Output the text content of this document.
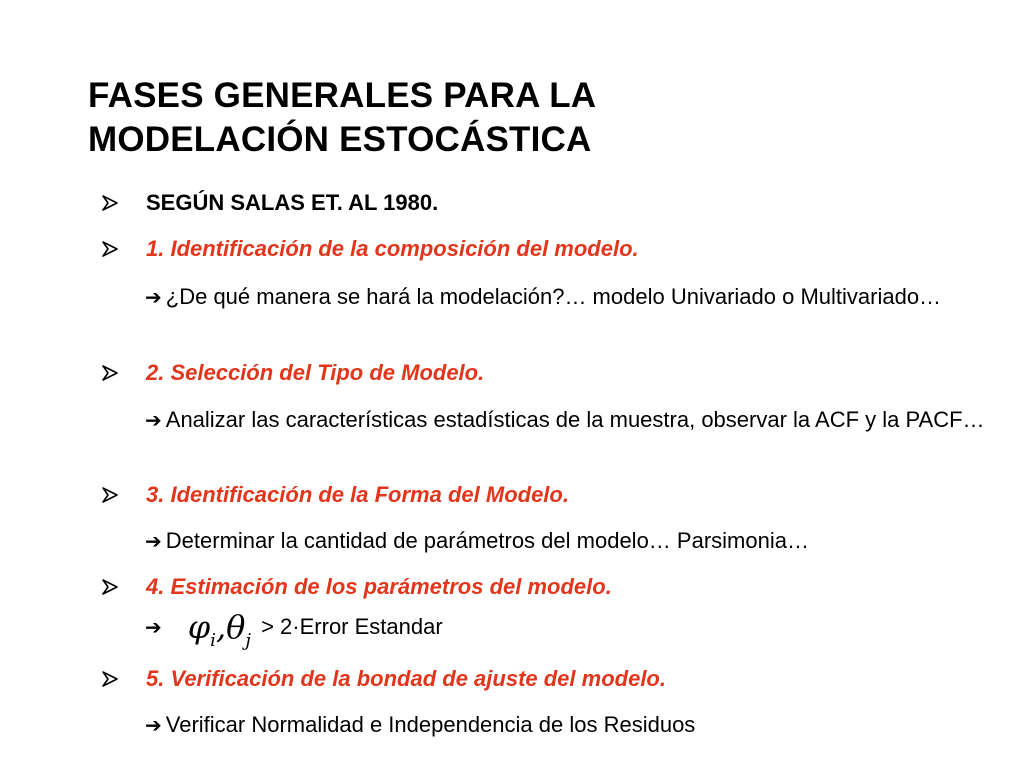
FASES GENERALES PARA LA
MODELACIÓN ESTOCÁSTICA
SEGÚN SALAS ET. AL 1980.
1. Identificación de la composición del modelo.
➔ ¿De qué manera se hará la modelación?… modelo Univariado o Multivariado…
2. Selección del Tipo de Modelo.
➔ Analizar las características estadísticas de la muestra, observar la ACF y la PACF…
3. Identificación de la Forma del Modelo.
➔ Determinar la cantidad de parámetros del modelo… Parsimonia…
4. Estimación de los parámetros del modelo.
➔ $\varphi_i,\theta_j$ > 2·Error Estandar
5. Verificación de la bondad de ajuste del modelo.
➔ Verificar Normalidad e Independencia de los Residuos
